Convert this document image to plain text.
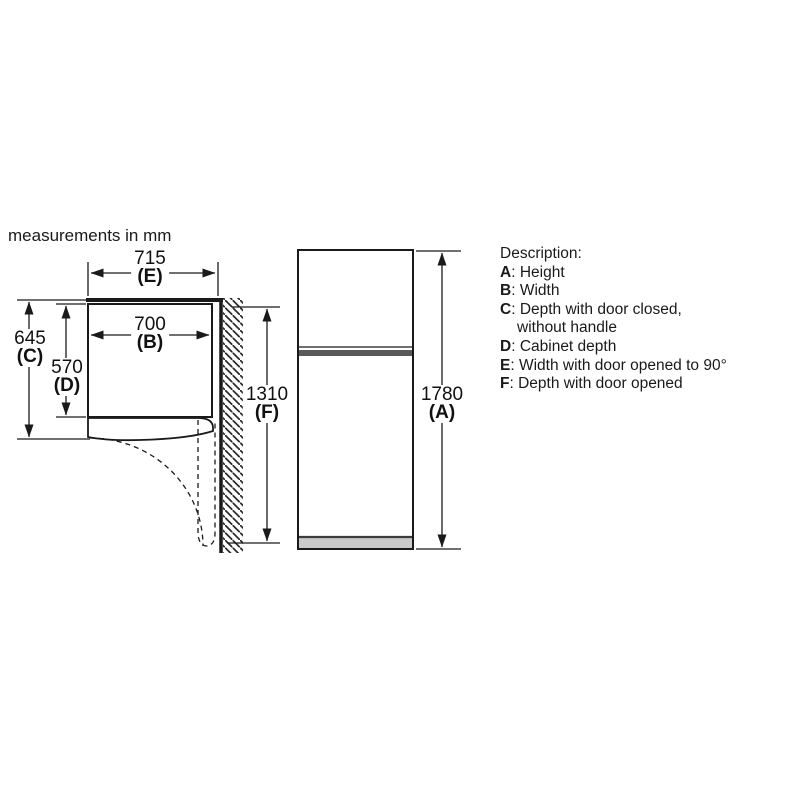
measurements in mm
715
(E)
700
(B)
645
(C)
570
(D)	1310
(F)
1780
(A)
Description:
A: Height
B: Width
C: Depth with door closed,
without handle
D: Cabinet depth
E: Width with door opened to 90°
F: Depth with door opened
